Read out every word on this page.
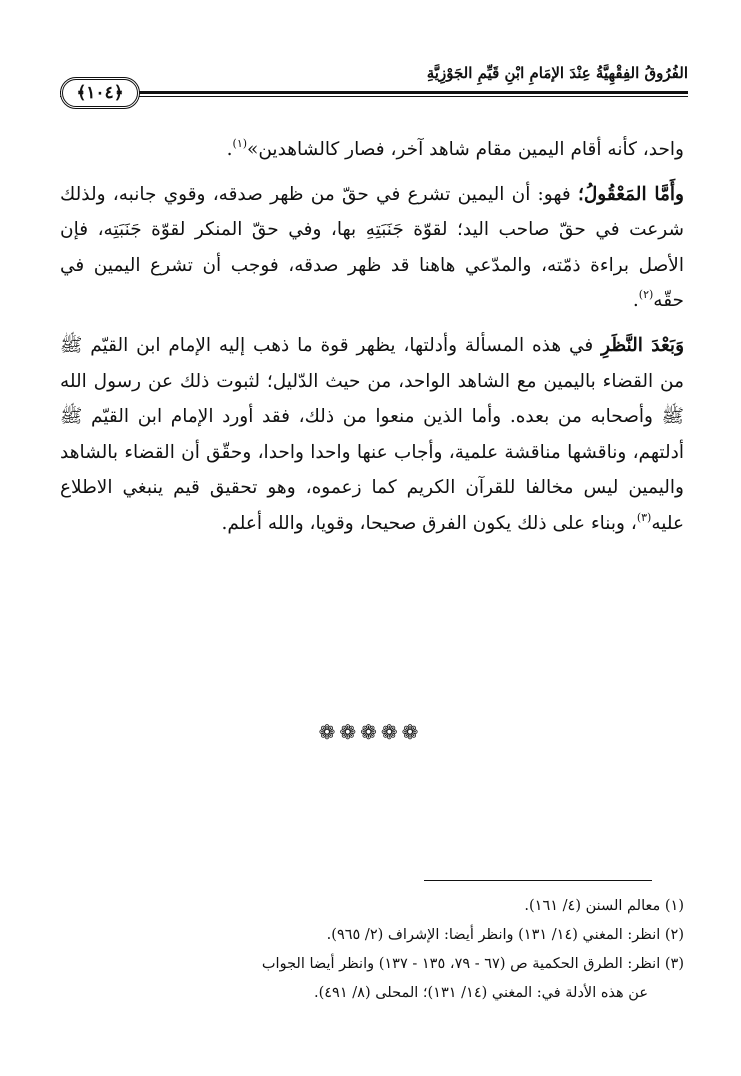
الفُرُوقُ الفِقْهِيَّةُ عِنْدَ الإمَامِ ابْنِ قَيِّمِ الجَوْزِيَّةِ
﴿١٠٤﴾

واحد، كأنه أقام اليمين مقام شاهد آخر، فصار كالشاهدين»$^{(١)}$.

وأَمَّا المَعْقُولُ؛ فهو: أن اليمين تشرع في حقّ من ظهر صدقه، وقوي جانبه، ولذلك شرعت في حقّ صاحب اليد؛ لقوّة جَنَبَتِهِ بها، وفي حقّ المنكر لقوّة جَنَبَتِه، فإن الأصل براءة ذمّته، والمدّعي هاهنا قد ظهر صدقه، فوجب أن تشرع اليمين في حقّه$^{(٢)}$.

وَبَعْدَ النَّظَرِ في هذه المسألة وأدلتها، يظهر قوة ما ذهب إليه الإمام ابن القيّم ﷺ من القضاء باليمين مع الشاهد الواحد، من حيث الدّليل؛ لثبوت ذلك عن رسول الله ﷺ وأصحابه من بعده. وأما الذين منعوا من ذلك، فقد أورد الإمام ابن القيّم ﷺ أدلتهم، وناقشها مناقشة علمية، وأجاب عنها واحدا واحدا، وحقّق أن القضاء بالشاهد واليمين ليس مخالفا للقرآن الكريم كما زعموه، وهو تحقيق قيم ينبغي الاطلاع عليه$^{(٣)}$، وبناء على ذلك يكون الفرق صحيحا، وقويا، والله أعلم.

❁❁❁❁❁

(١) معالم السنن (٤/ ١٦١).

(٢) انظر: المغني (١٤/ ١٣١) وانظر أيضا: الإشراف (٢/ ٩٦٥).

(٣) انظر: الطرق الحكمية ص (٦٧ - ٧٩، ١٣٥ - ١٣٧) وانظر أيضا الجواب

عن هذه الأدلة في: المغني (١٤/ ١٣١)؛ المحلى (٨/ ٤٩١).
